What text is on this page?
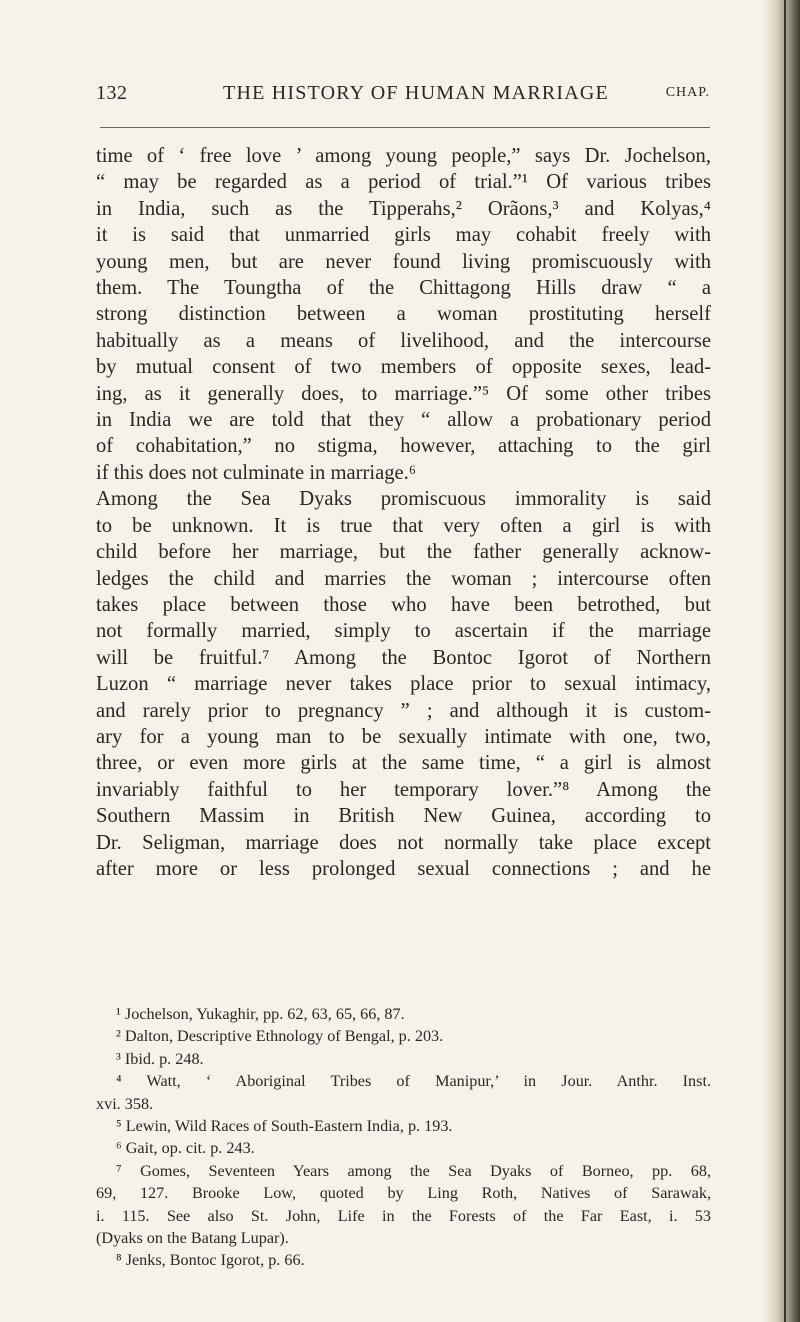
132	THE HISTORY OF HUMAN MARRIAGE	CHAP.
time of ‘ free love ’ among young people,” says Dr. Jochelson,
“ may be regarded as a period of trial.”¹ Of various tribes
in India, such as the Tipperahs,² Orãons,³ and Kolyas,⁴
it is said that unmarried girls may cohabit freely with
young men, but are never found living promiscuously with
them. The Toungtha of the Chittagong Hills draw “ a
strong distinction between a woman prostituting herself
habitually as a means of livelihood, and the intercourse
by mutual consent of two members of opposite sexes, lead-
ing, as it generally does, to marriage.”⁵ Of some other tribes
in India we are told that they “ allow a probationary period
of cohabitation,” no stigma, however, attaching to the girl
if this does not culminate in marriage.⁶
Among the Sea Dyaks promiscuous immorality is said
to be unknown. It is true that very often a girl is with
child before her marriage, but the father generally acknow-
ledges the child and marries the woman ; intercourse often
takes place between those who have been betrothed, but
not formally married, simply to ascertain if the marriage
will be fruitful.⁷ Among the Bontoc Igorot of Northern
Luzon “ marriage never takes place prior to sexual intimacy,
and rarely prior to pregnancy ” ; and although it is custom-
ary for a young man to be sexually intimate with one, two,
three, or even more girls at the same time, “ a girl is almost
invariably faithful to her temporary lover.”⁸ Among the
Southern Massim in British New Guinea, according to
Dr. Seligman, marriage does not normally take place except
after more or less prolonged sexual connections ; and he
¹ Jochelson, Yukaghir, pp. 62, 63, 65, 66, 87.
² Dalton, Descriptive Ethnology of Bengal, p. 203.
³ Ibid. p. 248.
⁴ Watt, ‘ Aboriginal Tribes of Manipur,’ in Jour. Anthr. Inst.
xvi. 358.
⁵ Lewin, Wild Races of South-Eastern India, p. 193.
⁶ Gait, op. cit. p. 243.
⁷ Gomes, Seventeen Years among the Sea Dyaks of Borneo, pp. 68,
69, 127. Brooke Low, quoted by Ling Roth, Natives of Sarawak,
i. 115. See also St. John, Life in the Forests of the Far East, i. 53
(Dyaks on the Batang Lupar).
⁸ Jenks, Bontoc Igorot, p. 66.
